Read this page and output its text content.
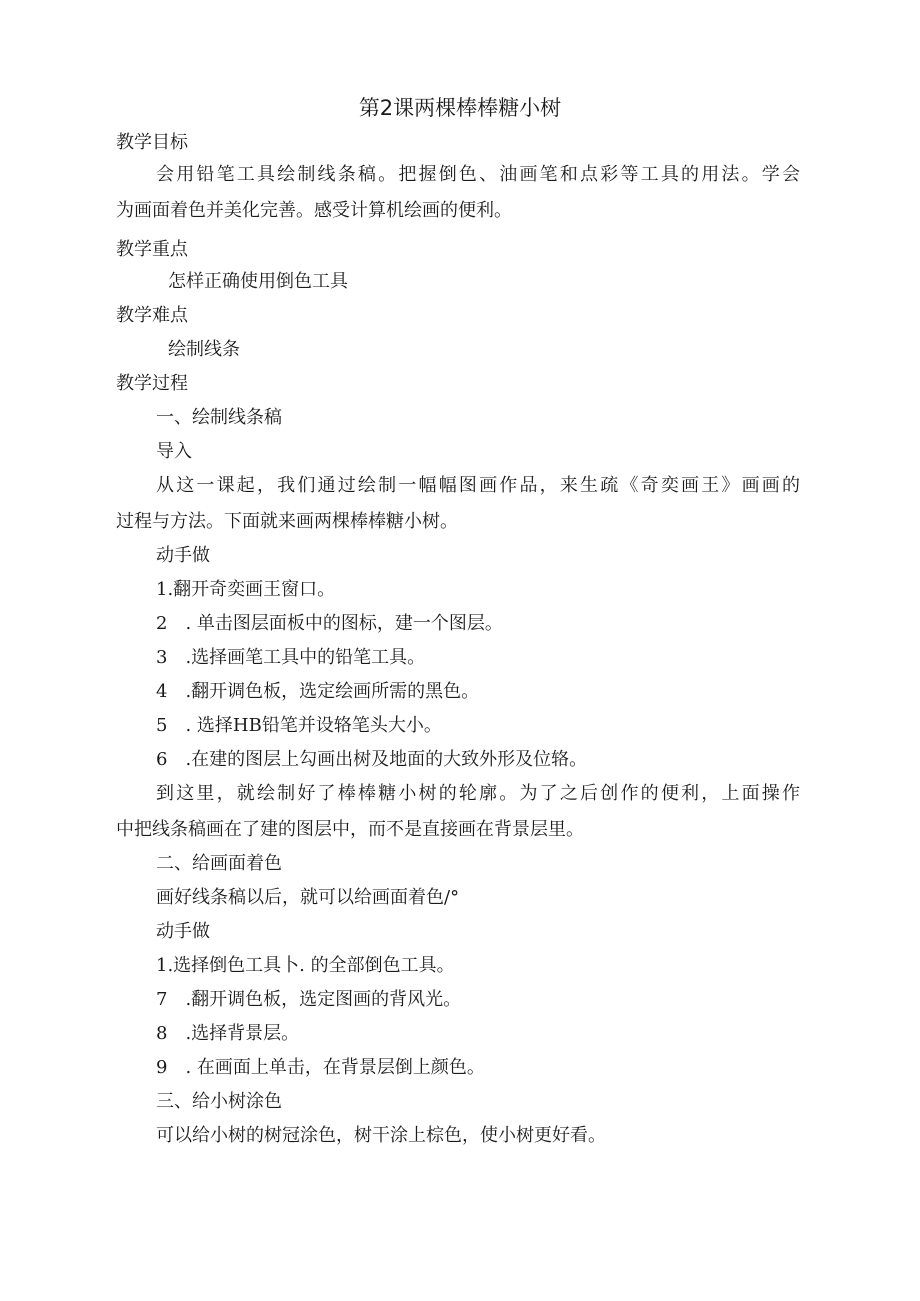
第2课两棵棒棒糖小树
教学目标
会用铅笔工具绘制线条稿。把握倒色、油画笔和点彩等工具的用法。学会
为画面着色并美化完善。感受计算机绘画的便利。
教学重点
怎样正确使用倒色工具
教学难点
绘制线条
教学过程
一、绘制线条稿
导入
从这一课起，我们通过绘制一幅幅图画作品，来生疏《奇奕画王》画画的
过程与方法。下面就来画两棵棒棒糖小树。
动手做
1.翻开奇奕画王窗口。
2　. 单击图层面板中的图标，建一个图层。
3　.选择画笔工具中的铅笔工具。
4　.翻开调色板，选定绘画所需的黑色。
5　. 选择HB铅笔并设辂笔头大小。
6　.在建的图层上勾画出树及地面的大致外形及位辂。
到这里，就绘制好了棒棒糖小树的轮廓。为了之后创作的便利，上面操作
中把线条稿画在了建的图层中，而不是直接画在背景层里。
二、给画面着色
画好线条稿以后，就可以给画面着色/°
动手做
1.选择倒色工具卜. 的全部倒色工具。
7　.翻开调色板，选定图画的背风光。
8　.选择背景层。
9　. 在画面上单击，在背景层倒上颜色。
三、给小树涂色
可以给小树的树冠涂色，树干涂上棕色，使小树更好看。
